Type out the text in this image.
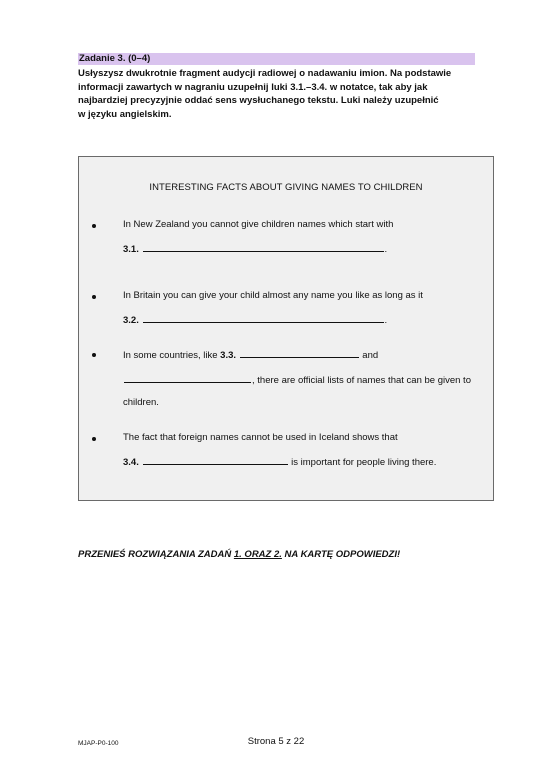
Zadanie 3. (0–4)
Usłyszysz dwukrotnie fragment audycji radiowej o nadawaniu imion. Na podstawie
informacji zawartych w nagraniu uzupełnij luki 3.1.–3.4. w notatce, tak aby jak
najbardziej precyzyjnie oddać sens wysłuchanego tekstu. Luki należy uzupełnić
w języku angielskim.
INTERESTING FACTS ABOUT GIVING NAMES TO CHILDREN
In New Zealand you cannot give children names which start with
3.1.	.
In Britain you can give your child almost any name you like as long as it
3.2.	.
In some countries, like 3.3.	and
, there are official lists of names that can be given to
children.
The fact that foreign names cannot be used in Iceland shows that
3.4.	is important for people living there.
PRZENIEŚ ROZWIĄZANIA ZADAŃ 1. ORAZ 2. NA KARTĘ ODPOWIEDZI!
MJAP-P0-100	Strona 5 z 22
